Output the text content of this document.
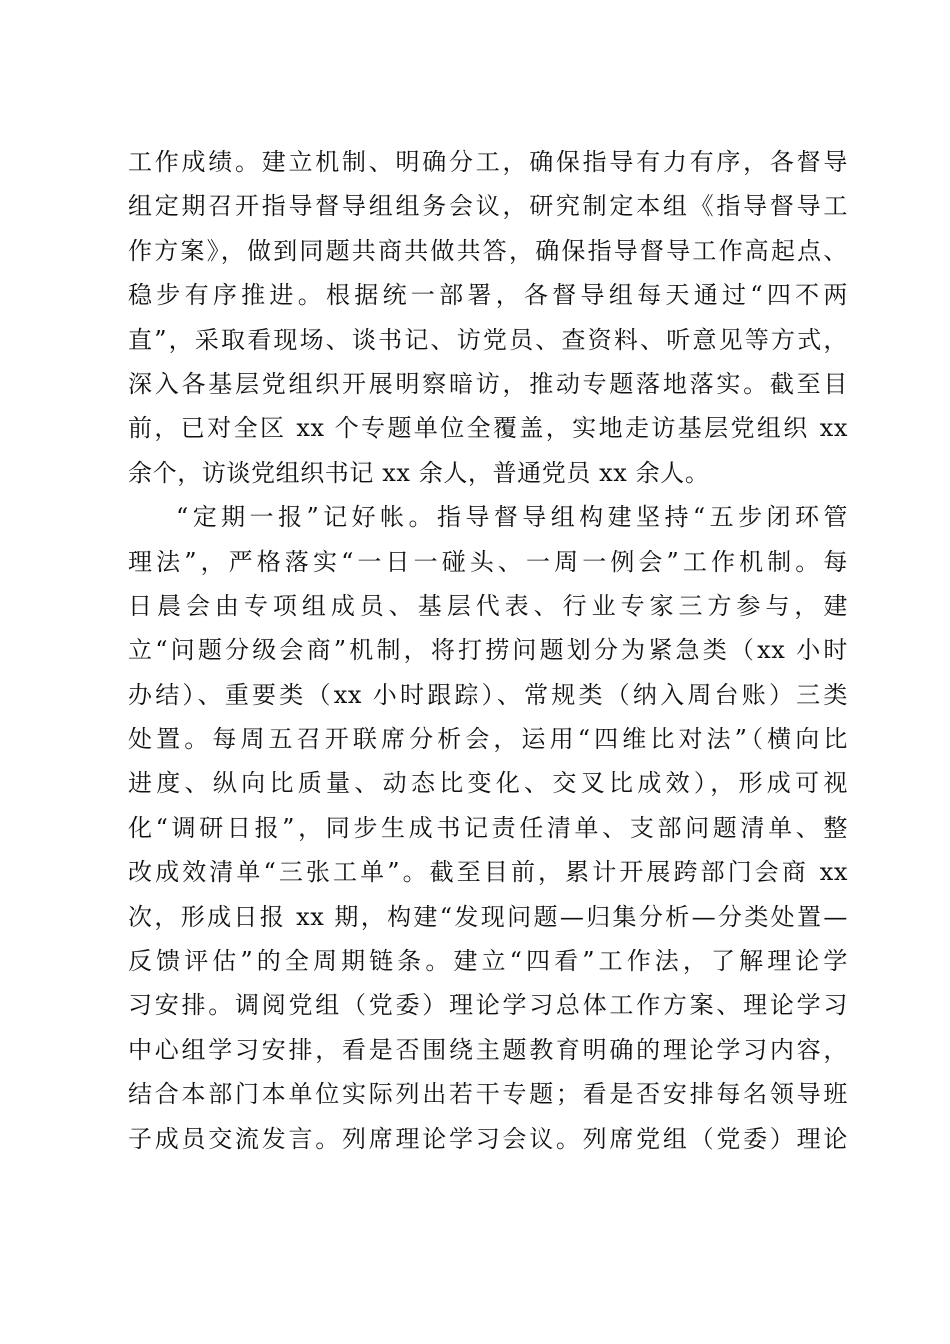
工作成绩。建立机制、明确分工，确保指导有力有序，各督导
组定期召开指导督导组组务会议，研究制定本组《指导督导工
作方案》，做到同题共商共做共答，确保指导督导工作高起点、
稳步有序推进。根据统一部署，各督导组每天通过“四不两
直”，采取看现场、谈书记、访党员、查资料、听意见等方式，
深入各基层党组织开展明察暗访，推动专题落地落实。截至目
前，已对全区 xx 个专题单位全覆盖，实地走访基层党组织 xx
余个，访谈党组织书记 xx 余人，普通党员 xx 余人。
“定期一报”记好帐。指导督导组构建坚持“五步闭环管
理法”，严格落实“一日一碰头、一周一例会”工作机制。每
日晨会由专项组成员、基层代表、行业专家三方参与，建
立“问题分级会商”机制，将打捞问题划分为紧急类（xx 小时
办结）、重要类（xx 小时跟踪）、常规类（纳入周台账）三类
处置。每周五召开联席分析会，运用“四维比对法”（横向比
进度、纵向比质量、动态比变化、交叉比成效），形成可视
化“调研日报”，同步生成书记责任清单、支部问题清单、整
改成效清单“三张工单”。截至目前，累计开展跨部门会商 xx
次，形成日报 xx 期，构建“发现问题—归集分析—分类处置—
反馈评估”的全周期链条。建立“四看”工作法，了解理论学
习安排。调阅党组（党委）理论学习总体工作方案、理论学习
中心组学习安排，看是否围绕主题教育明确的理论学习内容，
结合本部门本单位实际列出若干专题；看是否安排每名领导班
子成员交流发言。列席理论学习会议。列席党组（党委）理论
